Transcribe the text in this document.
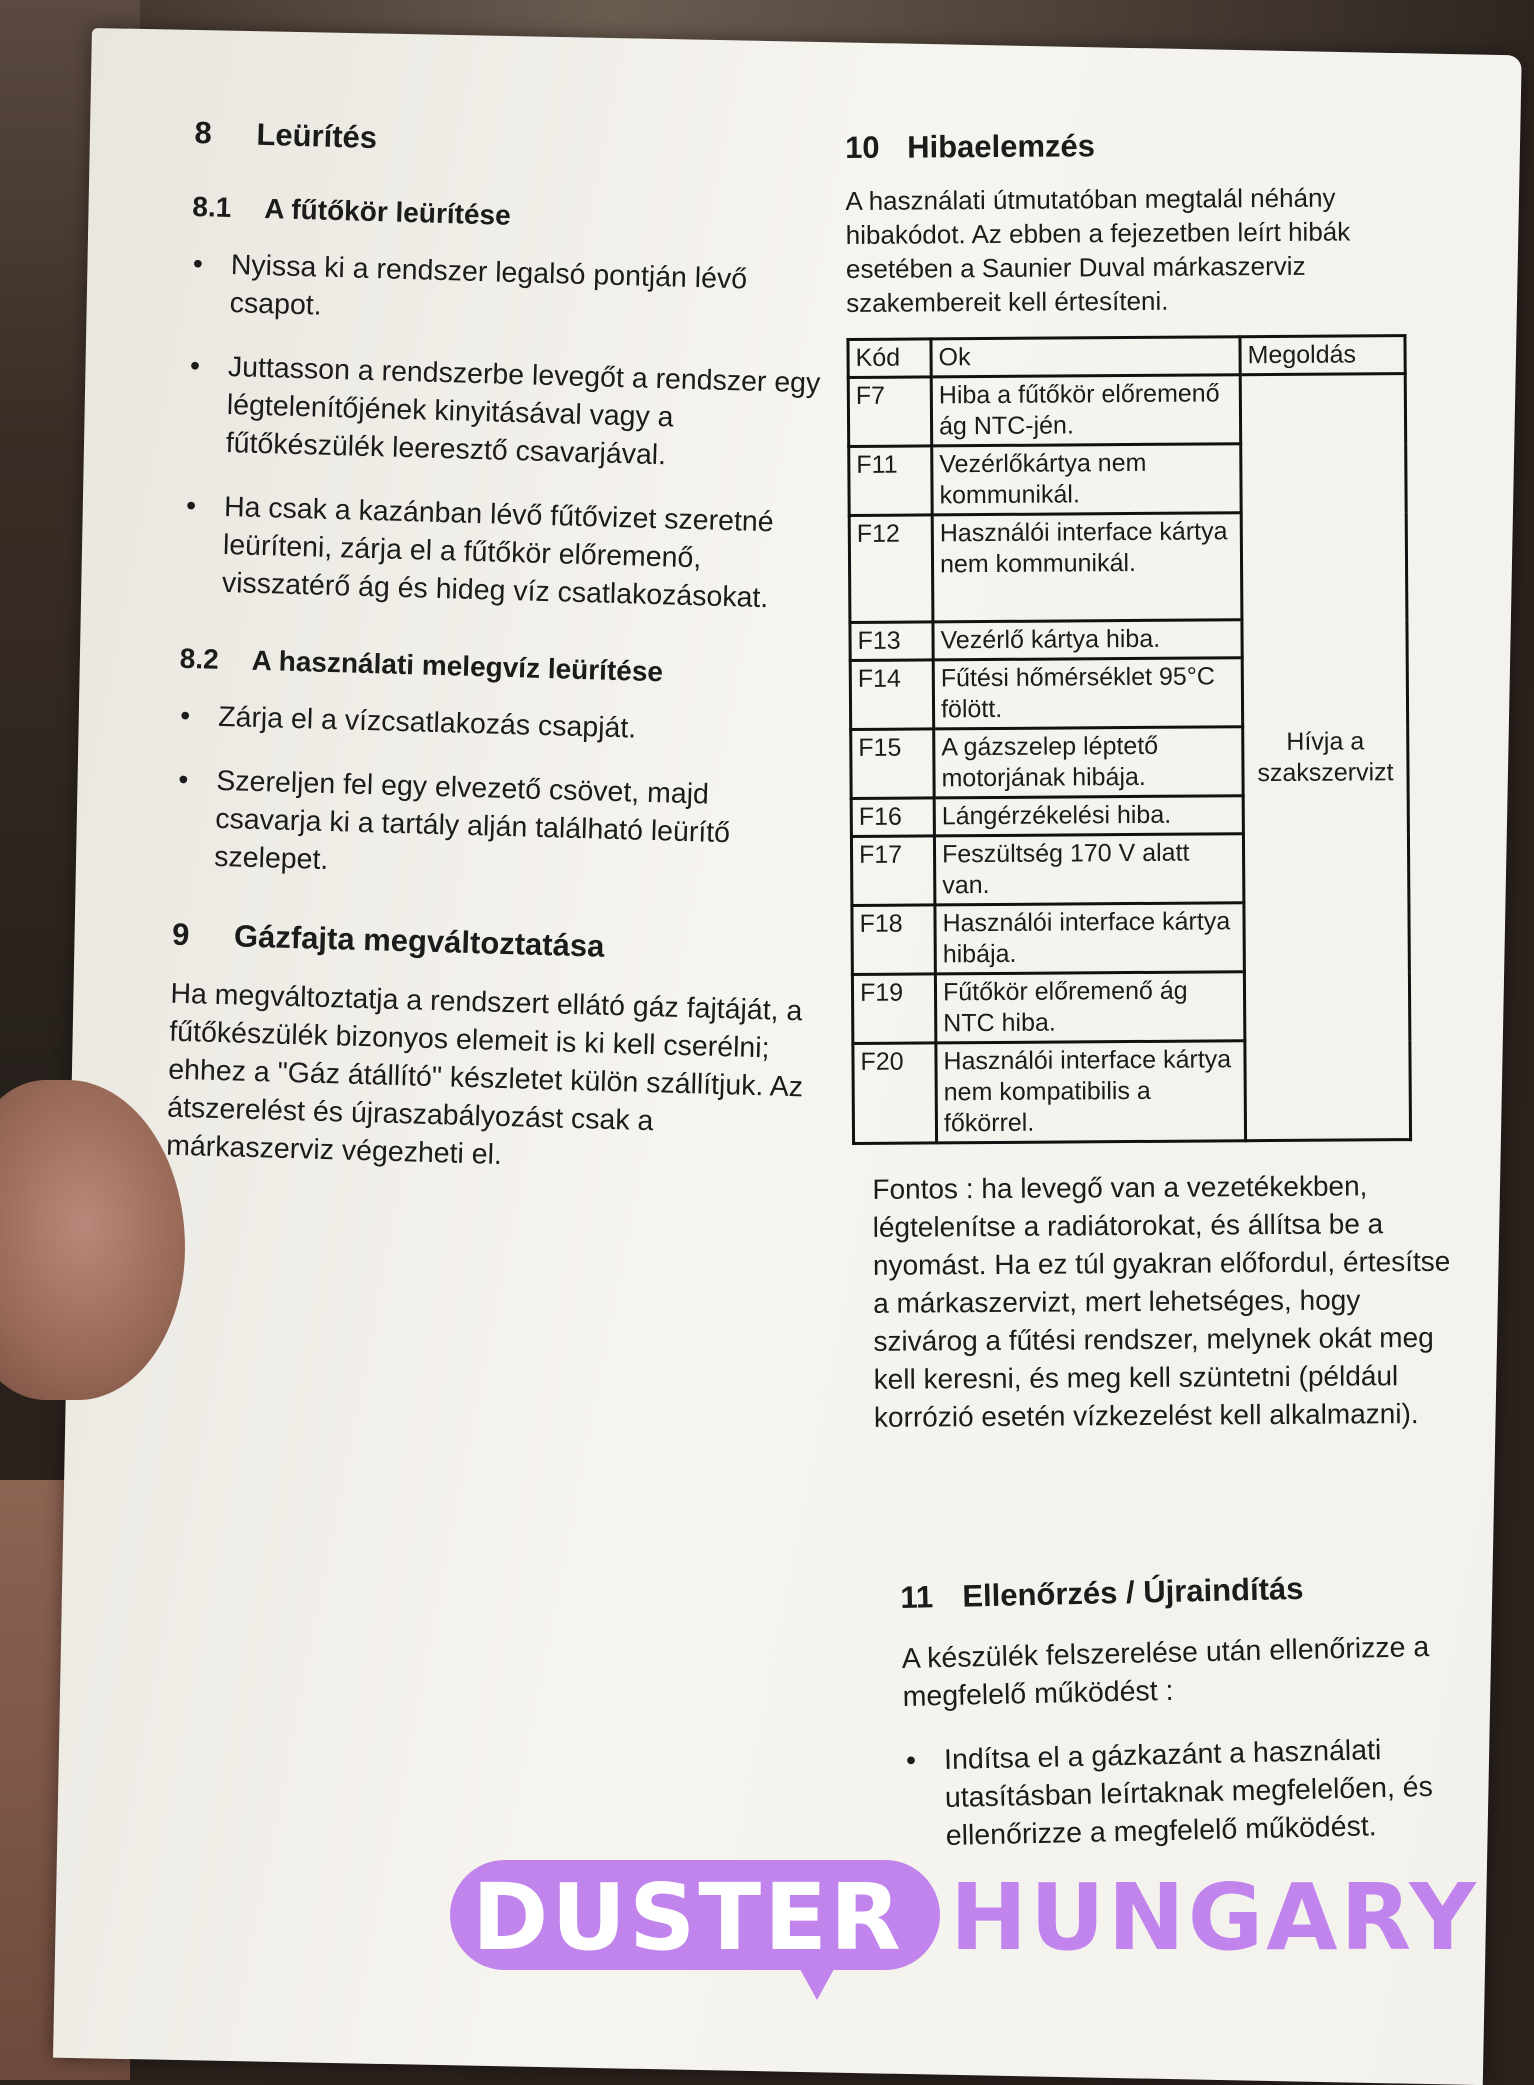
8 Leürítés
8.1 A fűtőkör leürítése
• Nyissa ki a rendszer legalsó pontján lévő csapot.
• Juttasson a rendszerbe levegőt a rendszer egy légtelenítőjének kinyitásával vagy a fűtőkészülék leeresztő csavarjával.
• Ha csak a kazánban lévő fűtővizet szeretné leüríteni, zárja el a fűtőkör előremenő, visszatérő ág és hideg víz csatlakozásokat.
8.2 A használati melegvíz leürítése
• Zárja el a vízcsatlakozás csapját.
• Szereljen fel egy elvezető csövet, majd csavarja ki a tartály alján található leürítő szelepet.
9 Gázfajta megváltoztatása

Ha megváltoztatja a rendszert ellátó gáz fajtáját, a fűtőkészülék bizonyos elemeit is ki kell cserélni; ehhez a "Gáz átállító" készletet külön szállítjuk. Az átszerelést és újraszabályozást csak a márkaszerviz végezheti el.

10 Hibaelemzés

A használati útmutatóban megtalál néhány hibakódot. Az ebben a fejezetben leírt hibák esetében a Saunier Duval márkaszerviz szakembereit kell értesíteni.

Kód	Ok	Megoldás
F7	Hiba a fűtőkör előremenő ág NTC-jén.	Hívja a szakszervizt
F11	Vezérlőkártya nem kommunikál.	
F12	Használói interface kártya nem kommunikál.	
F13	Vezérlő kártya hiba.	
F14	Fűtési hőmérséklet 95°C fölött.	
F15	A gázszelep léptető motorjának hibája.	
F16	Lángérzékelési hiba.	
F17	Feszültség 170 V alatt van.	
F18	Használói interface kártya hibája.	
F19	Fűtőkör előremenő ág NTC hiba.	
F20	Használói interface kártya nem kompatibilis a főkörrel.	

Fontos : ha levegő van a vezetékekben, légtelenítse a radiátorokat, és állítsa be a nyomást. Ha ez túl gyakran előfordul, értesítse a márkaszervizt, mert lehetséges, hogy szivárog a fűtési rendszer, melynek okát meg kell keresni, és meg kell szüntetni (például korrózió esetén vízkezelést kell alkalmazni).

11 Ellenőrzés / Újraindítás

A készülék felszerelése után ellenőrizze a megfelelő működést :

• Indítsa el a gázkazánt a használati utasításban leírtaknak megfelelően, és ellenőrizze a megfelelő működést.
DUSTER HUNGARY
